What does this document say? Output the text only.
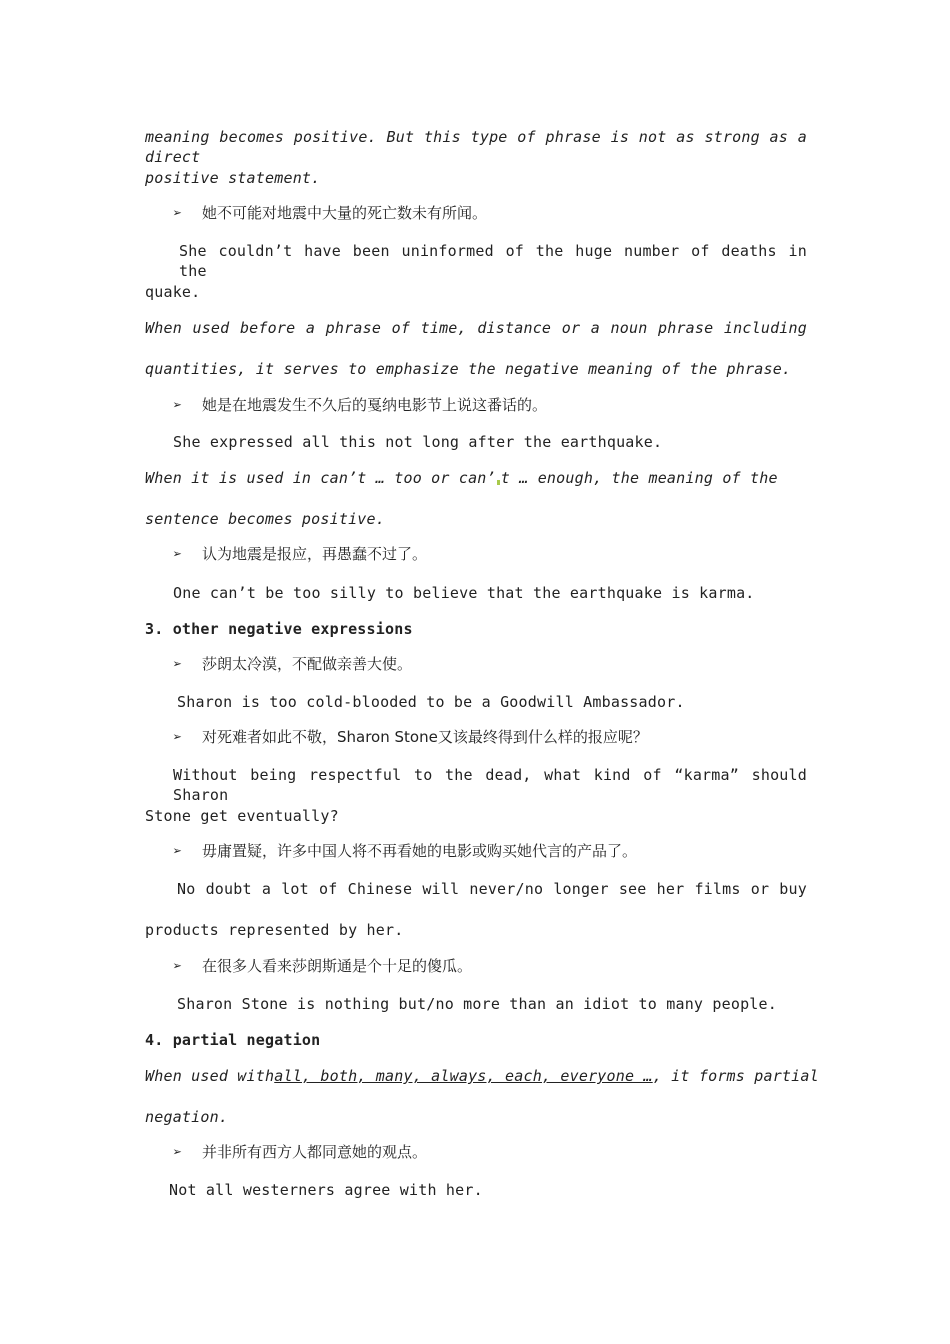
meaning becomes positive. But this type of phrase is not as strong as a direct
positive statement.
➢ 她不可能对地震中大量的死亡数未有所闻。
She couldn’t have been uninformed of the huge number of deaths in the
quake.
When used before a phrase of time, distance or a noun phrase including
quantities, it serves to emphasize the negative meaning of the phrase.
➢ 她是在地震发生不久后的戛纳电影节上说这番话的。
She expressed all this not long after the earthquake.
When it is used in can’t … too or can’ t … enough, the meaning of the
sentence becomes positive.
➢ 认为地震是报应，再愚蠢不过了。
One can’t be too silly to believe that the earthquake is karma.
3. other negative expressions
➢ 莎朗太冷漠，不配做亲善大使。
Sharon is too cold-blooded to be a Goodwill Ambassador.
➢ 对死难者如此不敬，Sharon Stone又该最终得到什么样的报应呢？
Without being respectful to the dead, what kind of “karma” should Sharon
Stone get eventually?
➢ 毋庸置疑，许多中国人将不再看她的电影或购买她代言的产品了。
No doubt a lot of Chinese will never/no longer see her films or buy
products represented by her.
➢ 在很多人看来莎朗斯通是个十足的傻瓜。
Sharon Stone is nothing but/no more than an idiot to many people.
4. partial negation
When used with all, both, many, always, each, everyone … , it forms partial
negation.
➢ 并非所有西方人都同意她的观点。
Not all westerners agree with her.
